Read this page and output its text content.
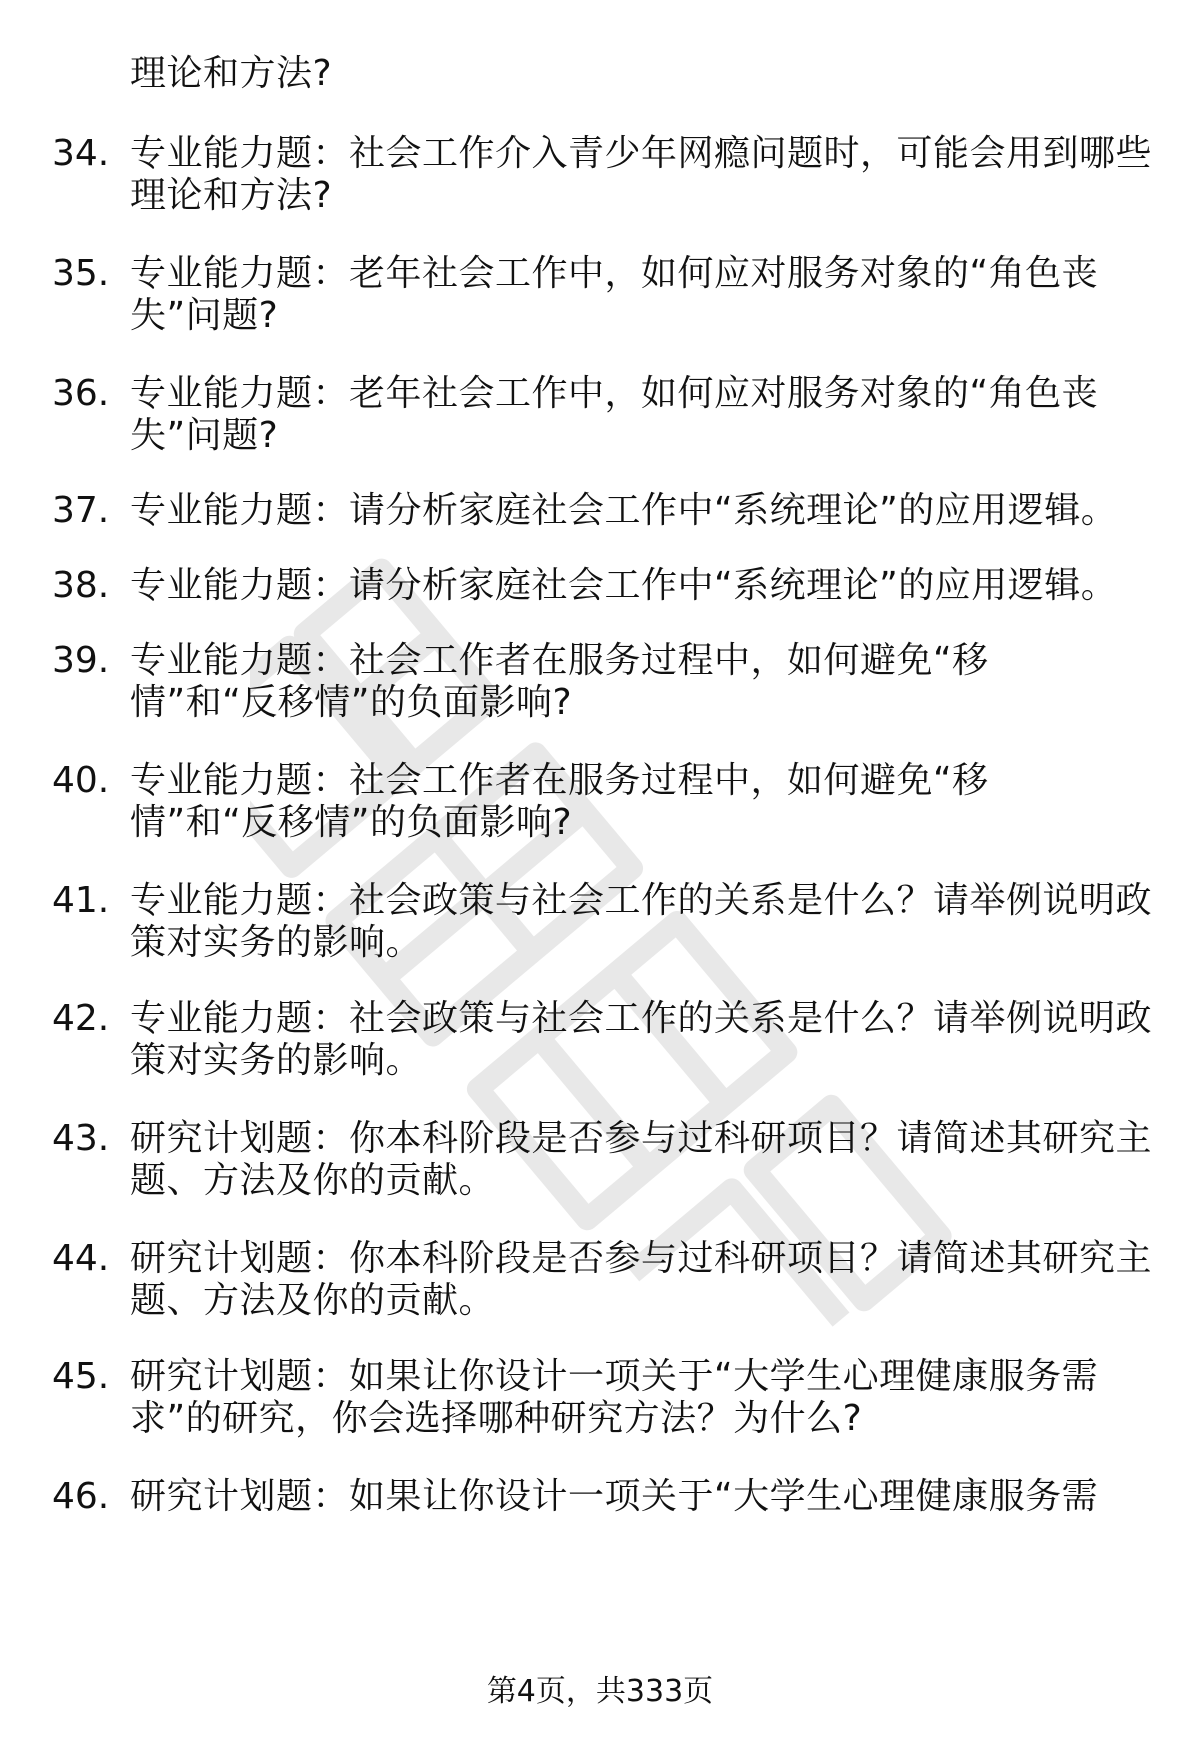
理论和方法?
34. 专业能力题：社会工作介入青少年网瘾问题时，可能会用到哪些
理论和方法?
35. 专业能力题：老年社会工作中，如何应对服务对象的“角色丧
失”问题?
36. 专业能力题：老年社会工作中，如何应对服务对象的“角色丧
失”问题?
37. 专业能力题：请分析家庭社会工作中“系统理论”的应用逻辑。
38. 专业能力题：请分析家庭社会工作中“系统理论”的应用逻辑。
39. 专业能力题：社会工作者在服务过程中，如何避免“移
情”和“反移情”的负面影响?
40. 专业能力题：社会工作者在服务过程中，如何避免“移
情”和“反移情”的负面影响?
41. 专业能力题：社会政策与社会工作的关系是什么？请举例说明政
策对实务的影响。
42. 专业能力题：社会政策与社会工作的关系是什么？请举例说明政
策对实务的影响。
43. 研究计划题：你本科阶段是否参与过科研项目？请简述其研究主
题、方法及你的贡献。
44. 研究计划题：你本科阶段是否参与过科研项目？请简述其研究主
题、方法及你的贡献。
45. 研究计划题：如果让你设计一项关于“大学生心理健康服务需
求”的研究，你会选择哪种研究方法？为什么?
46. 研究计划题：如果让你设计一项关于“大学生心理健康服务需
第4页，共333页
